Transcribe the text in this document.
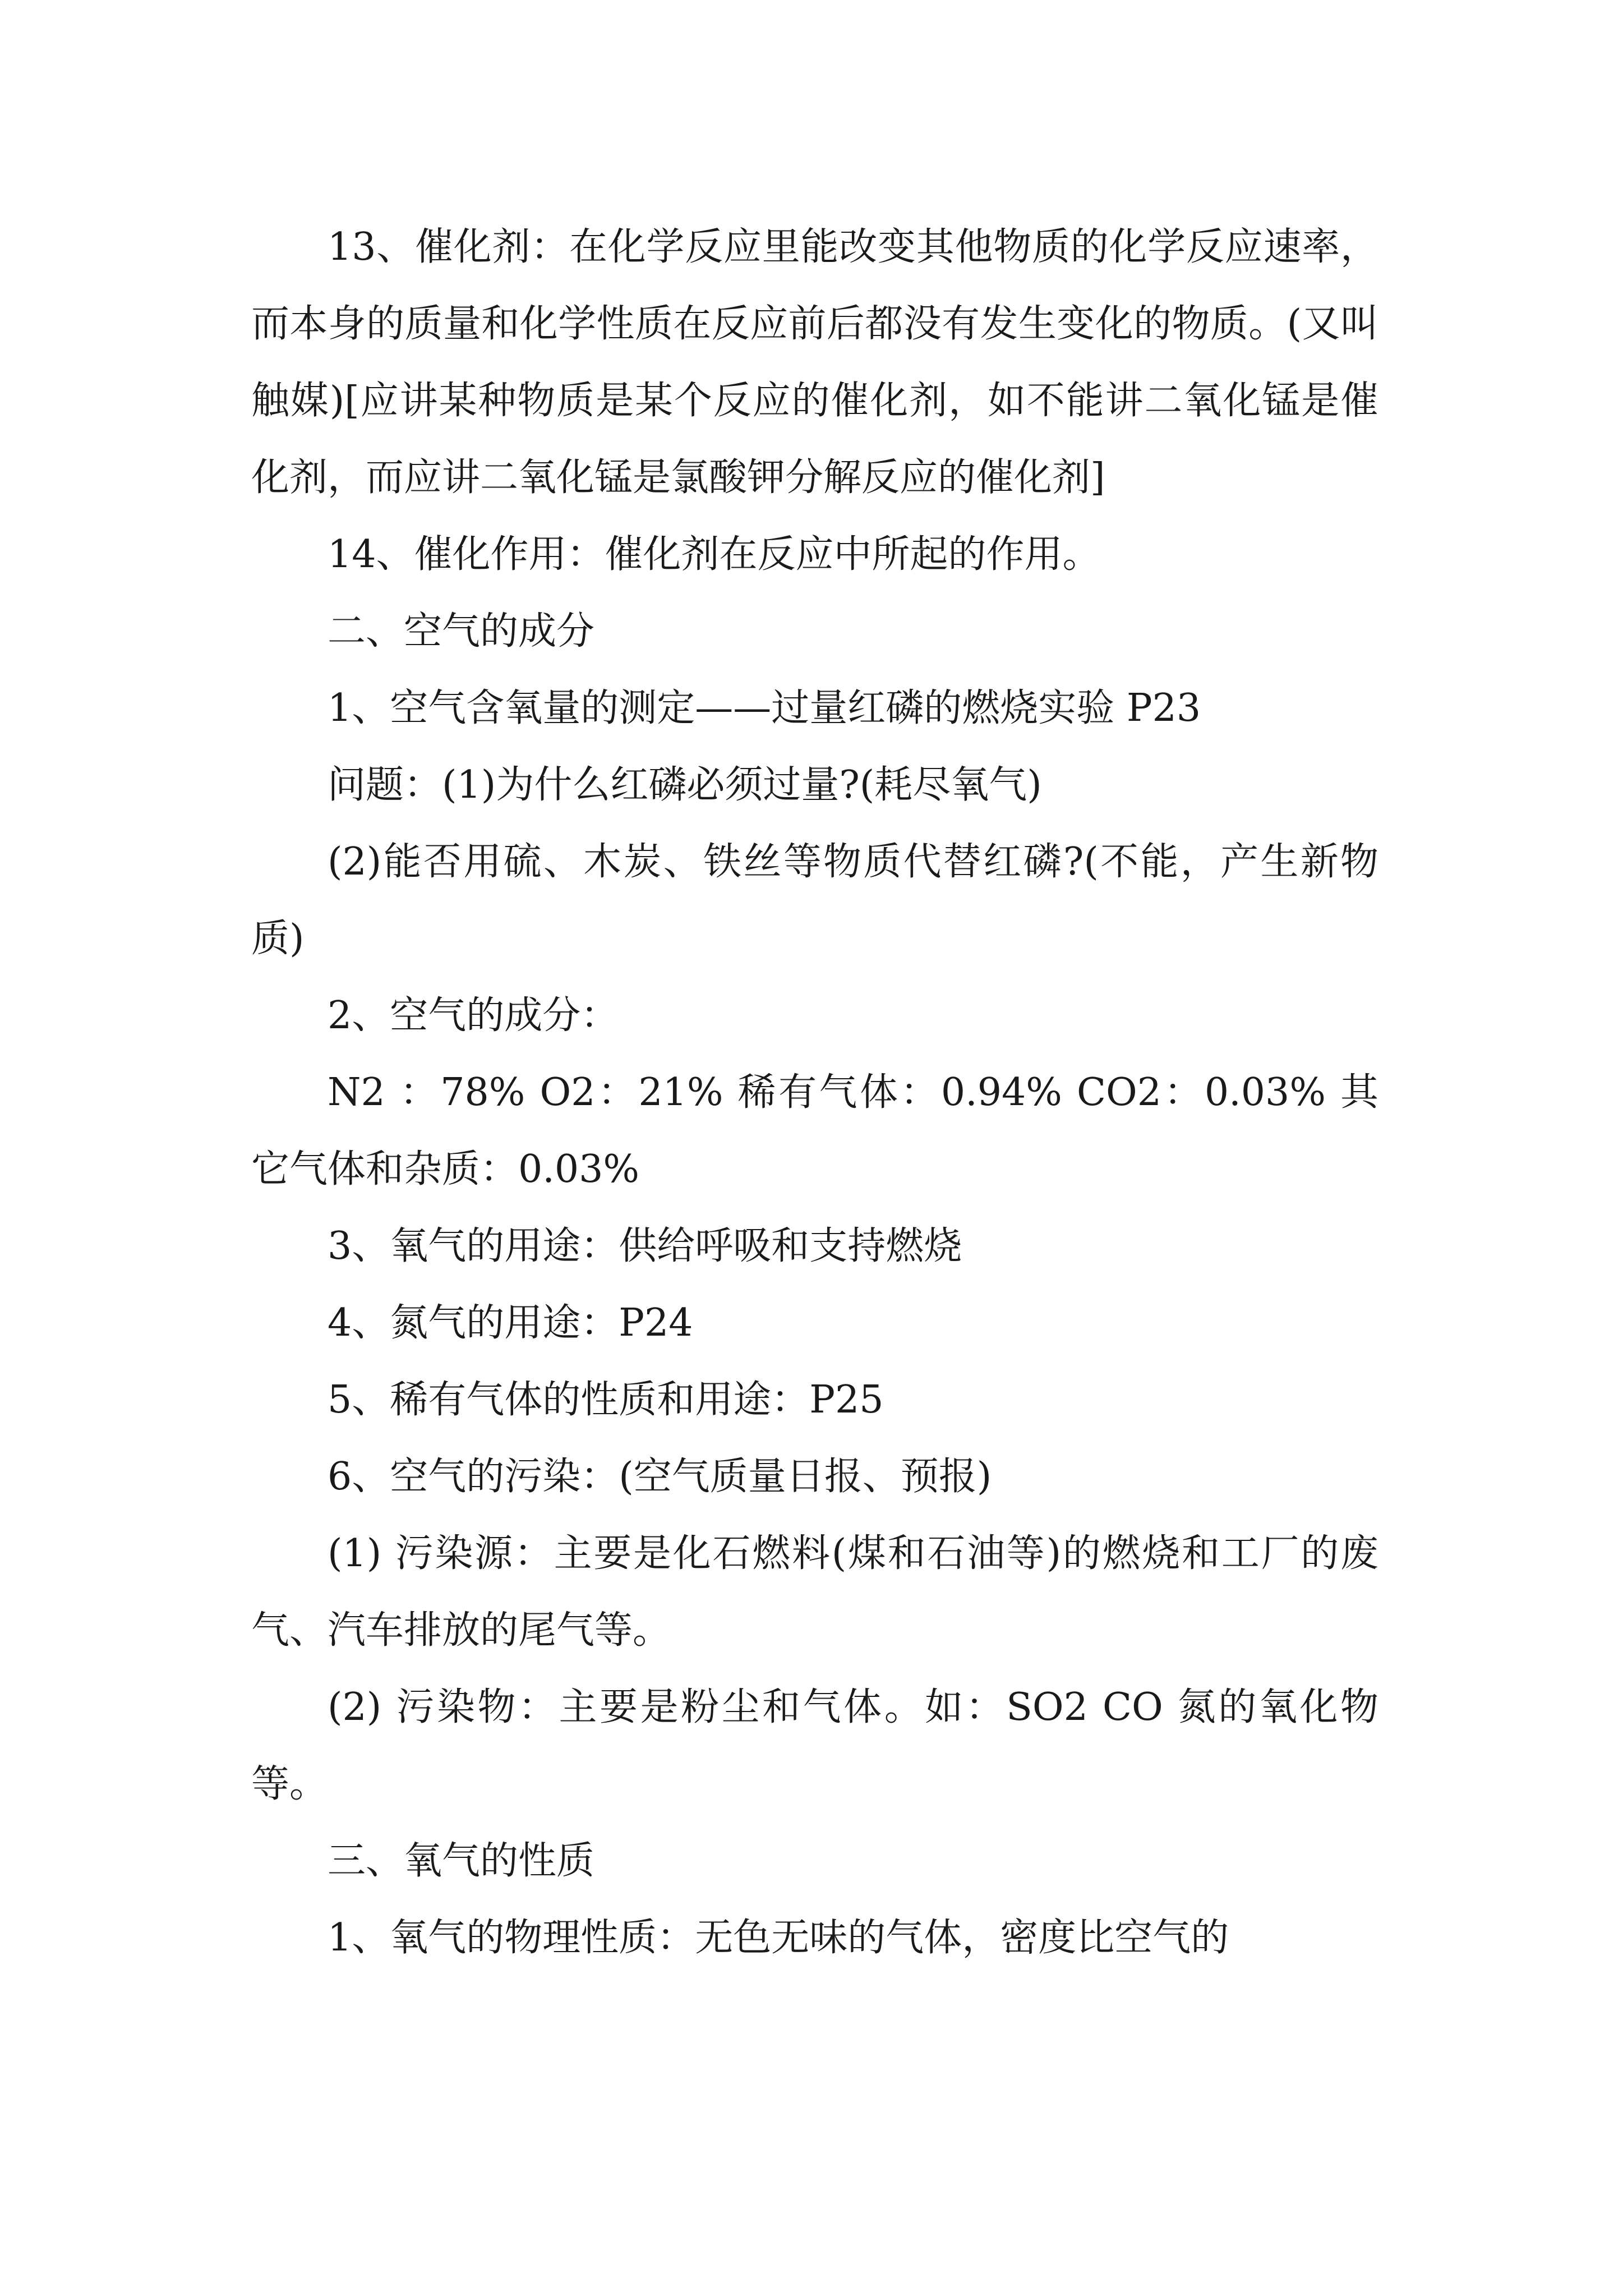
13、催化剂：在化学反应里能改变其他物质的化学反应速率，而本身的质量和化学性质在反应前后都没有发生变化的物质。(又叫触媒)[应讲某种物质是某个反应的催化剂，如不能讲二氧化锰是催化剂，而应讲二氧化锰是氯酸钾分解反应的催化剂]

14、催化作用：催化剂在反应中所起的作用。

二、空气的成分

1、空气含氧量的测定——过量红磷的燃烧实验 P23

问题：(1)为什么红磷必须过量?(耗尽氧气)

(2)能否用硫、木炭、铁丝等物质代替红磷?(不能，产生新物质)

2、空气的成分：

N2 ：78% O2：21% 稀有气体：0.94% CO2：0.03% 其它气体和杂质：0.03%

3、氧气的用途：供给呼吸和支持燃烧

4、氮气的用途：P24

5、稀有气体的性质和用途：P25

6、空气的污染：(空气质量日报、预报)

(1) 污染源：主要是化石燃料(煤和石油等)的燃烧和工厂的废气、汽车排放的尾气等。

(2) 污染物：主要是粉尘和气体。如：SO2 CO 氮的氧化物等。

三、氧气的性质

1、氧气的物理性质：无色无味的气体，密度比空气的
